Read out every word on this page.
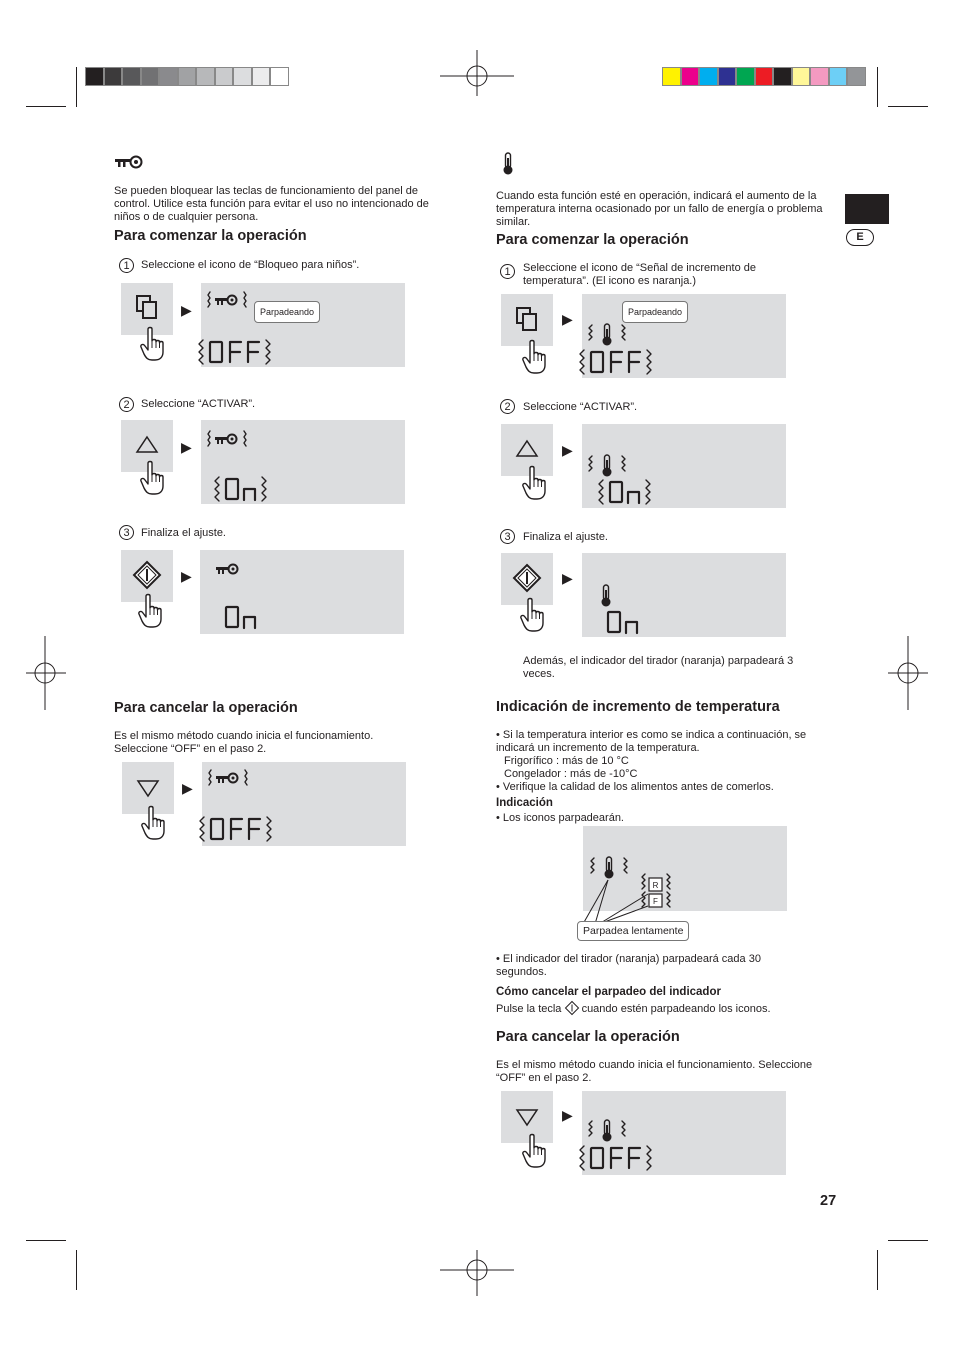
E
Se pueden bloquear las teclas de funcionamiento del panel de control. Utilice esta función para evitar el uso no intencionado de niños o de cualquier persona.
Para comenzar la operación
1	Seleccione el icono de “Bloqueo para niños”.
▶	Parpadeando
2	Seleccione “ACTIVAR”.
▶
3	Finaliza el ajuste.
▶
Para cancelar la operación
Es el mismo método cuando inicia el funcionamiento. Seleccione “OFF” en el paso 2.
▶
Cuando esta función esté en operación, indicará el aumento de la temperatura interna ocasionado por un fallo de energía o problema similar.
Para comenzar la operación
1	Seleccione el icono de “Señal de incremento de temperatura”. (El icono es naranja.)
▶	Parpadeando
2	Seleccione “ACTIVAR”.
▶
3	Finaliza el ajuste.
▶
Además, el indicador del tirador (naranja) parpadeará 3 veces.
Indicación de incremento de temperatura
• Si la temperatura interior es como se indica a continuación, se indicará un incremento de la temperatura.
Frigorífico : más de 10 °C
Congelador : más de -10°C
• Verifique la calidad de los alimentos antes de comerlos.
Indicación
• Los iconos parpadearán.
R
F
Parpadea lentamente
• El indicador del tirador (naranja) parpadeará cada 30 segundos.
Cómo cancelar el parpadeo del indicador
Pulse la tecla cuando estén parpadeando los iconos.
Para cancelar la operación
Es el mismo método cuando inicia el funcionamiento. Seleccione “OFF” en el paso 2.
▶
27
